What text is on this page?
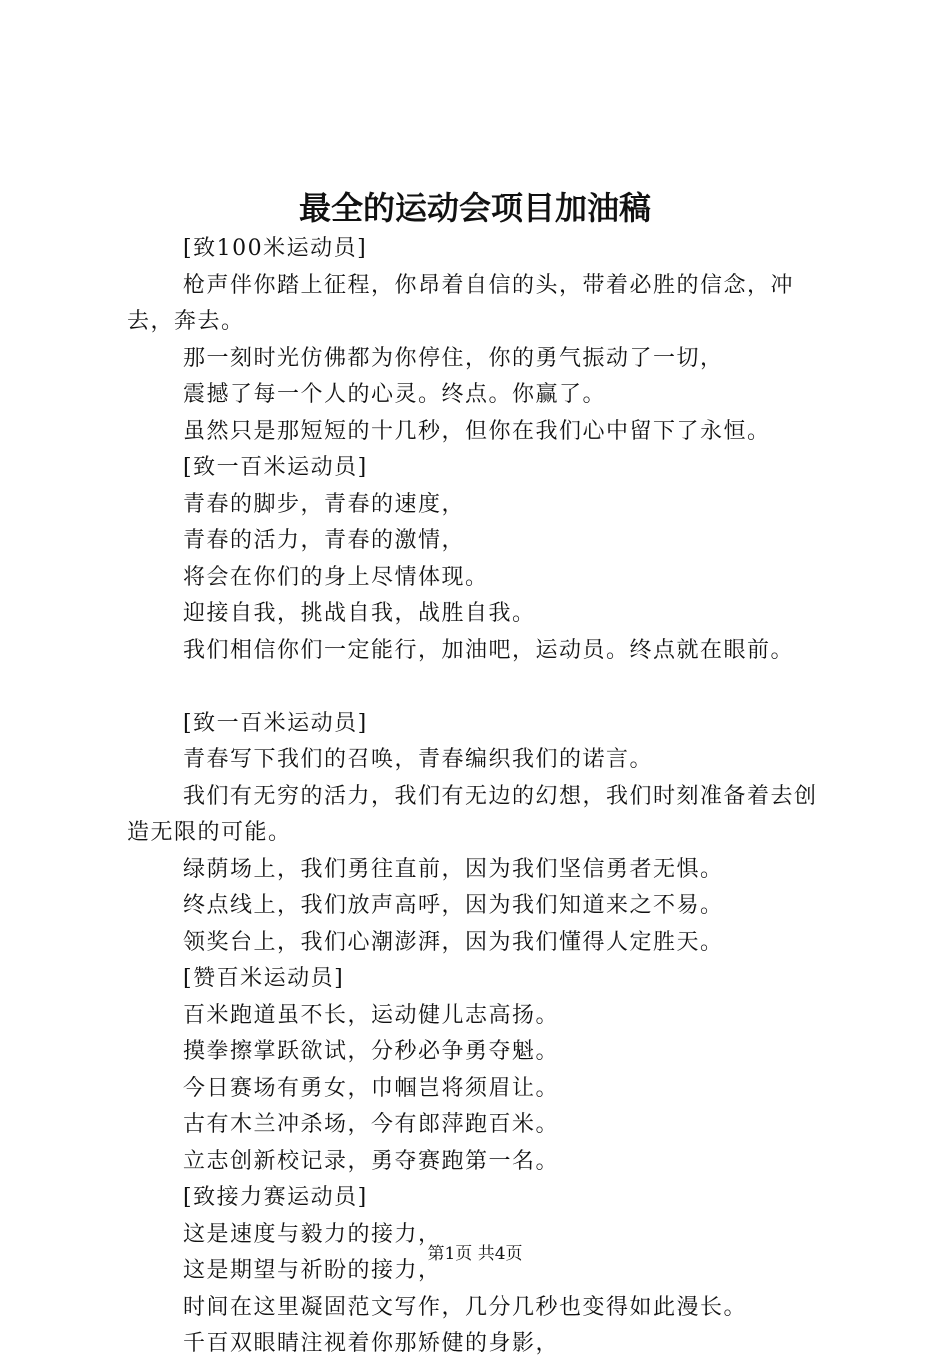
最全的运动会项目加油稿

[致100米运动员]

枪声伴你踏上征程，你昂着自信的头，带着必胜的信念，冲去，奔去。

那一刻时光仿佛都为你停住，你的勇气振动了一切，

震撼了每一个人的心灵。终点。你赢了。

虽然只是那短短的十几秒，但你在我们心中留下了永恒。

[致一百米运动员]

青春的脚步，青春的速度，

青春的活力，青春的激情，

将会在你们的身上尽情体现。

迎接自我，挑战自我，战胜自我。

我们相信你们一定能行，加油吧，运动员。终点就在眼前。

[致一百米运动员]

青春写下我们的召唤，青春编织我们的诺言。

我们有无穷的活力，我们有无边的幻想，我们时刻准备着去创造无限的可能。

绿荫场上，我们勇往直前，因为我们坚信勇者无惧。

终点线上，我们放声高呼，因为我们知道来之不易。

领奖台上，我们心潮澎湃，因为我们懂得人定胜天。

[赞百米运动员]

百米跑道虽不长，运动健儿志高扬。

摸拳擦掌跃欲试，分秒必争勇夺魁。

今日赛场有勇女，巾帼岂将须眉让。

古有木兰冲杀场，今有郎萍跑百米。

立志创新校记录，勇夺赛跑第一名。

[致接力赛运动员]

这是速度与毅力的接力，

这是期望与祈盼的接力，

时间在这里凝固范文写作，几分几秒也变得如此漫长。

千百双眼睛注视着你那矫健的身影，

第1页 共4页
